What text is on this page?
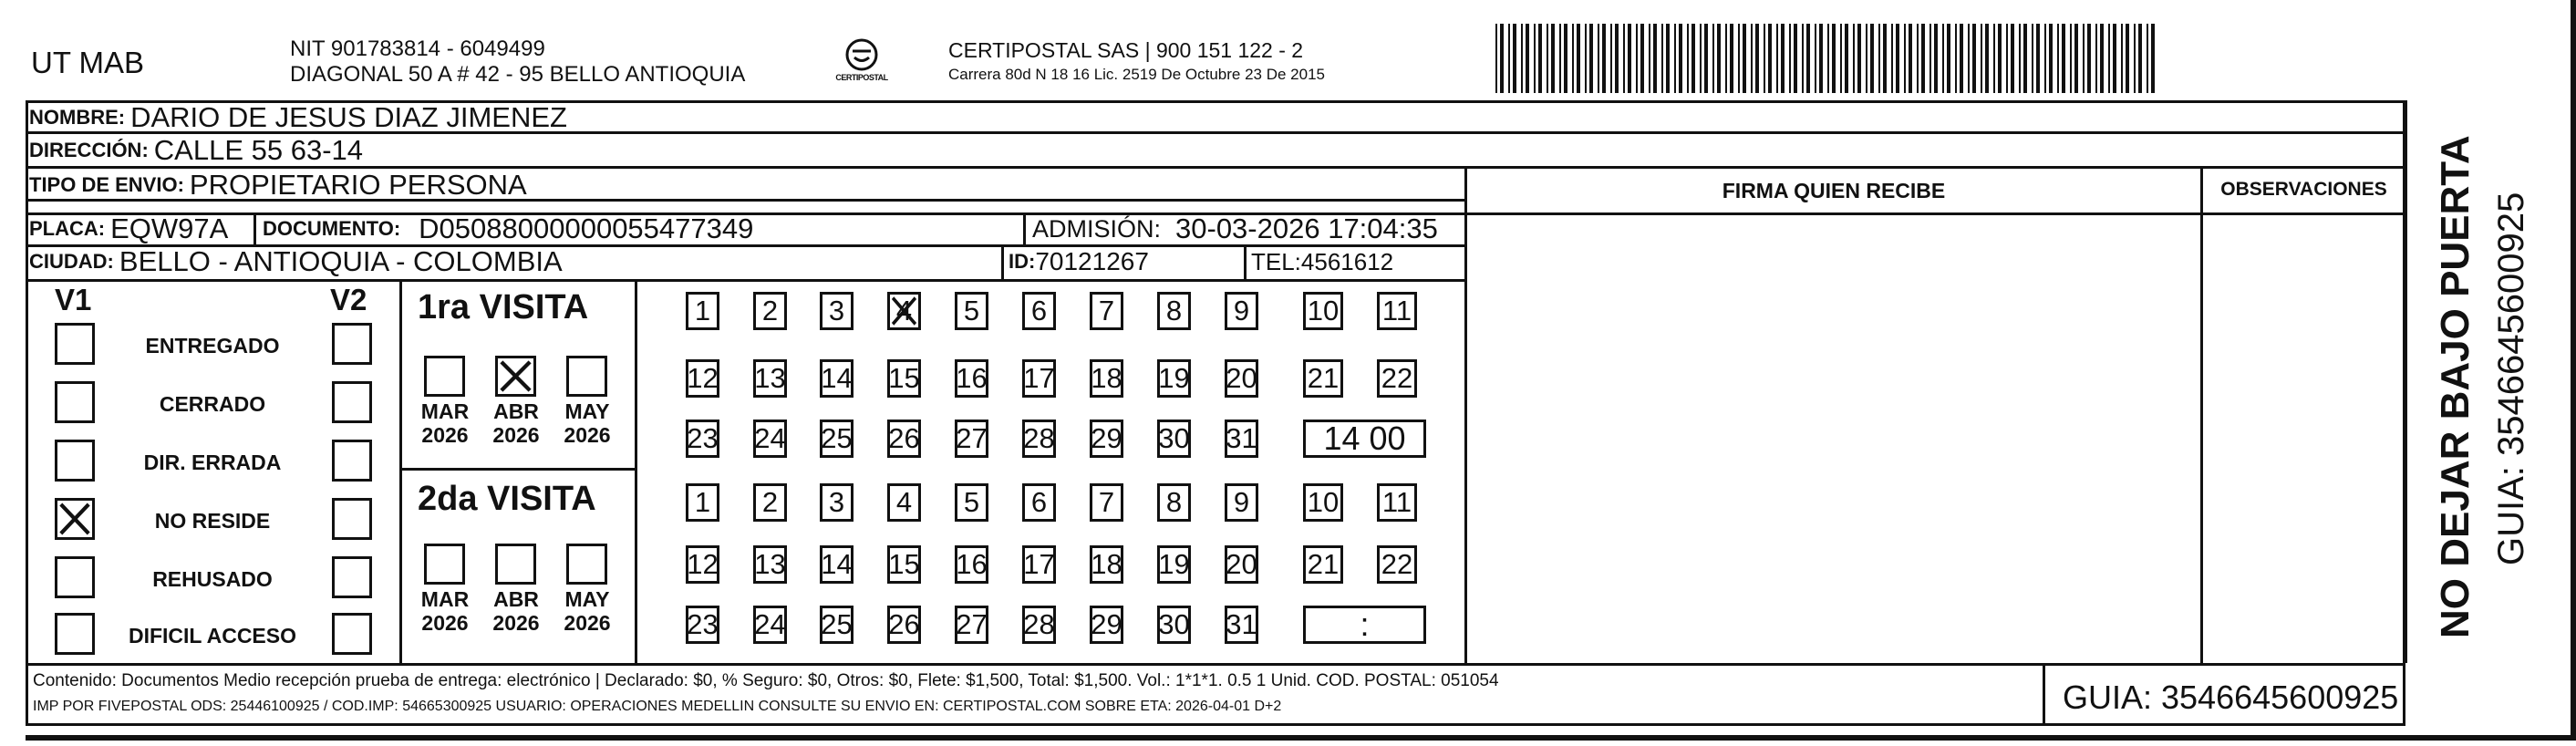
UT MAB	NIT 901783814 - 6049499
DIAGONAL 50 A # 42 - 95 BELLO ANTIOQUIA	CERTIPOSTAL
CERTIPOSTAL SAS | 900 151 122 - 2
Carrera 80d N 18 16 Lic. 2519 De Octubre 23 De 2015
NOMBRE: DARIO DE JESUS DIAZ JIMENEZ
DIRECCIÓN: CALLE 55 63-14
TIPO DE ENVIO: PROPIETARIO PERSONA	FIRMA QUIEN RECIBE	OBSERVACIONES
PLACA: EQW97A DOCUMENTO: D05088000000055477349	ADMISIÓN: 30-03-2026 17:04:35
CIUDAD: BELLO - ANTIOQUIA - COLOMBIA	ID: 70121267	TEL: 4561612
V1	V2
ENTREGADO
CERRADO
DIR. ERRADA
NO RESIDE
REHUSADO
DIFICIL ACCESO
1ra VISITA
MAR
2026
ABR
2026
MAY
2026
1	2	3	4	5	6	7	8	9	10 11
12 13 14 15 16 17 18 19 20 21 22
23 24 25 26 27 28 29 30 31	14 00
2da VISITA
MAR
2026
ABR
2026
MAY
2026
1	2	3	4	5	6	7	8	9	10 11
12 13 14 15 16 17 18 19 20 21 22
23 24 25 26 27 28 29 30 31	:
Contenido: Documentos Medio recepción prueba de entrega: electrónico | Declarado: $0, % Seguro: $0, Otros: $0, Flete: $1,500, Total: $1,500. Vol.: 1*1*1. 0.5 1 Unid. COD. POSTAL: 051054
IMP POR FIVEPOSTAL ODS: 25446100925 / COD.IMP: 54665300925 USUARIO: OPERACIONES MEDELLIN CONSULTE SU ENVIO EN: CERTIPOSTAL.COM SOBRE ETA: 2026-04-01 D+2	GUIA: 3546645600925
NO DEJAR BAJO PUERTA GUIA: 3546645600925
